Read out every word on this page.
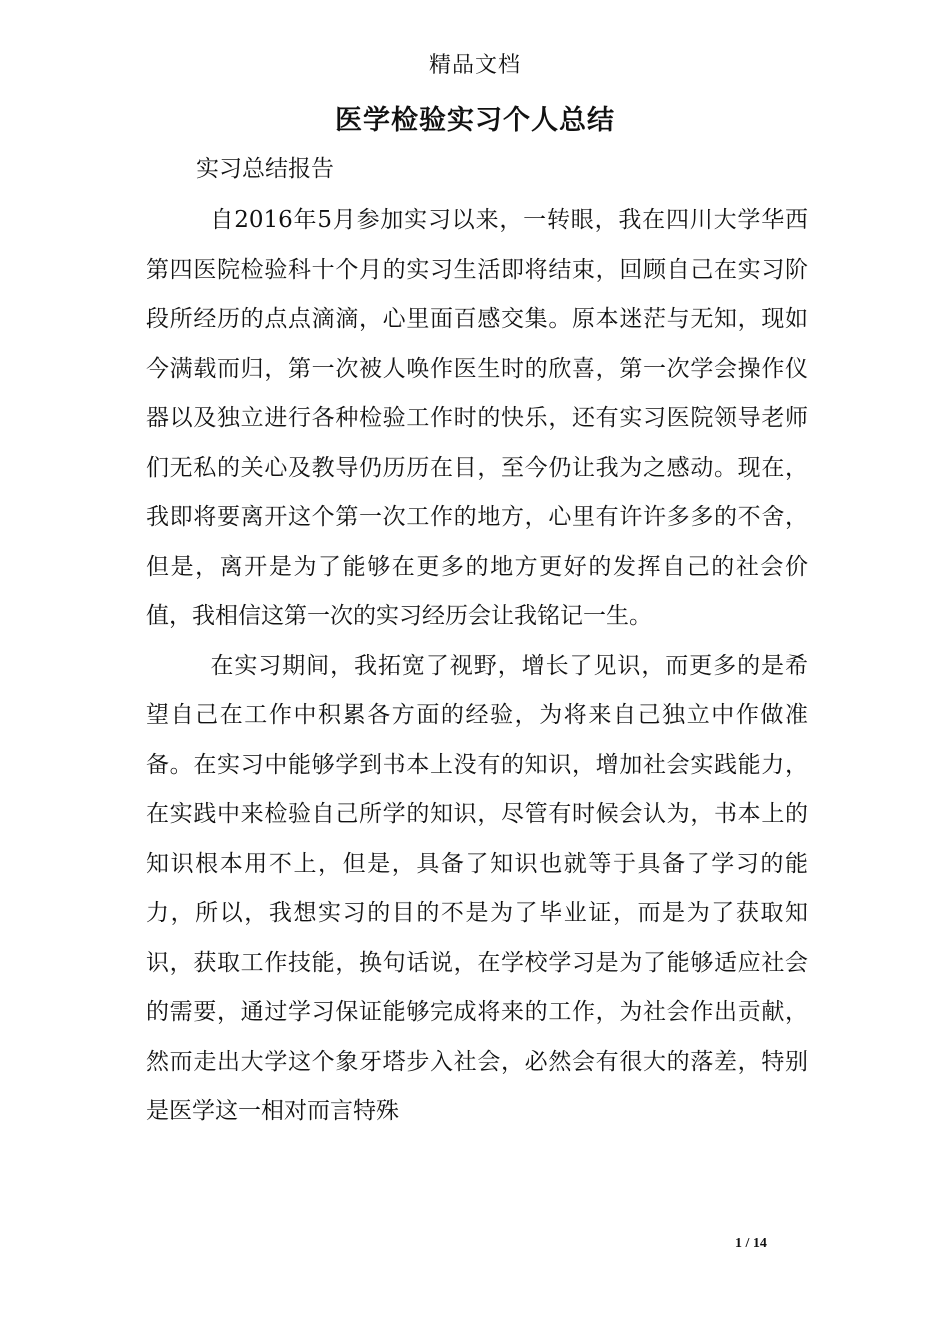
精品文档
医学检验实习个人总结
实习总结报告

自2016年5月参加实习以来，一转眼，我在四川大学华西第四医院检验科十个月的实习生活即将结束，回顾自己在实习阶段所经历的点点滴滴，心里面百感交集。原本迷茫与无知，现如今满载而归，第一次被人唤作医生时的欣喜，第一次学会操作仪器以及独立进行各种检验工作时的快乐，还有实习医院领导老师们无私的关心及教导仍历历在目，至今仍让我为之感动。现在，我即将要离开这个第一次工作的地方，心里有许许多多的不舍，但是，离开是为了能够在更多的地方更好的发挥自己的社会价值，我相信这第一次的实习经历会让我铭记一生。

在实习期间，我拓宽了视野，增长了见识，而更多的是希望自己在工作中积累各方面的经验，为将来自己独立中作做准备。在实习中能够学到书本上没有的知识，增加社会实践能力，在实践中来检验自己所学的知识，尽管有时候会认为，书本上的知识根本用不上，但是，具备了知识也就等于具备了学习的能力，所以，我想实习的目的不是为了毕业证，而是为了获取知识，获取工作技能，换句话说，在学校学习是为了能够适应社会的需要，通过学习保证能够完成将来的工作，为社会作出贡献，然而走出大学这个象牙塔步入社会，必然会有很大的落差，特别是医学这一相对而言特殊

1 / 14
